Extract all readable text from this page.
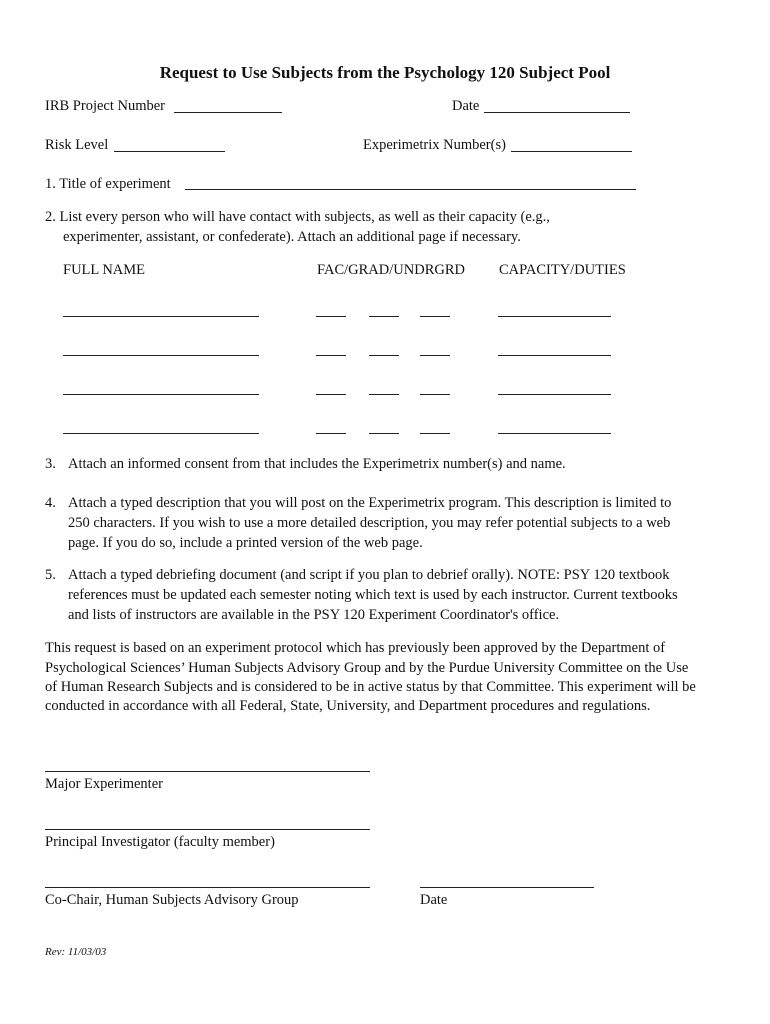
Request to Use Subjects from the Psychology 120 Subject Pool
IRB Project Number	Date
Risk Level	Experimetrix Number(s)
1. Title of experiment
2. List every person who will have contact with subjects, as well as their capacity (e.g.,
experimenter, assistant, or confederate). Attach an additional page if necessary.
FULL NAME	FAC/GRAD/UNDRGRD CAPACITY/DUTIES
3. Attach an informed consent from that includes the Experimetrix number(s) and name.
4. Attach a typed description that you will post on the Experimetrix program. This description is limited to
250 characters. If you wish to use a more detailed description, you may refer potential subjects to a web
page. If you do so, include a printed version of the web page.
5. Attach a typed debriefing document (and script if you plan to debrief orally). NOTE: PSY 120 textbook
references must be updated each semester noting which text is used by each instructor. Current textbooks
and lists of instructors are available in the PSY 120 Experiment Coordinator's office.
This request is based on an experiment protocol which has previously been approved by the Department of
Psychological Sciences’ Human Subjects Advisory Group and by the Purdue University Committee on the Use
of Human Research Subjects and is considered to be in active status by that Committee. This experiment will be
conducted in accordance with all Federal, State, University, and Department procedures and regulations.
Major Experimenter
Principal Investigator (faculty member)
Co-Chair, Human Subjects Advisory Group	Date
Rev: 11/03/03
